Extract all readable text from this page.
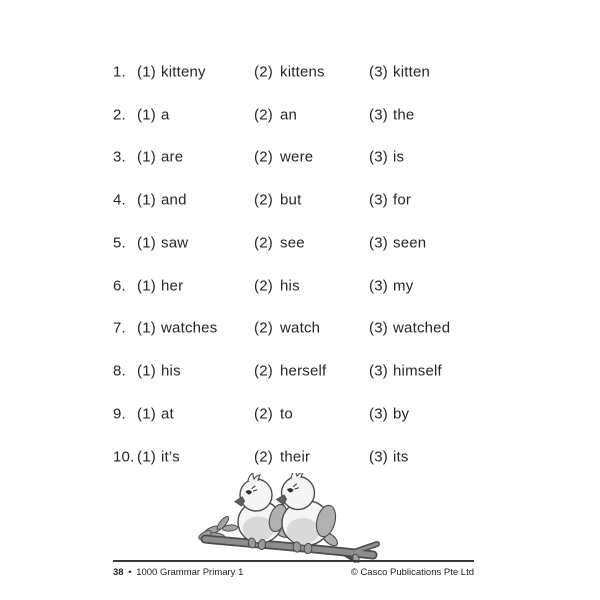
1. (1) kitteny	(2) kittens	(3) kitten
2. (1) a	(2) an	(3) the
3. (1) are	(2) were	(3) is
4. (1) and	(2) but	(3) for
5. (1) saw	(2) see	(3) seen
6. (1) her	(2) his	(3) my
7. (1) watches (2) watch	(3) watched
8. (1) his	(2) herself	(3) himself
9. (1) at	(2) to	(3) by
10. (1) it’s	(2) their	(3) its
38 • 1000 Grammar Primary 1	© Casco Publications Pte Ltd
